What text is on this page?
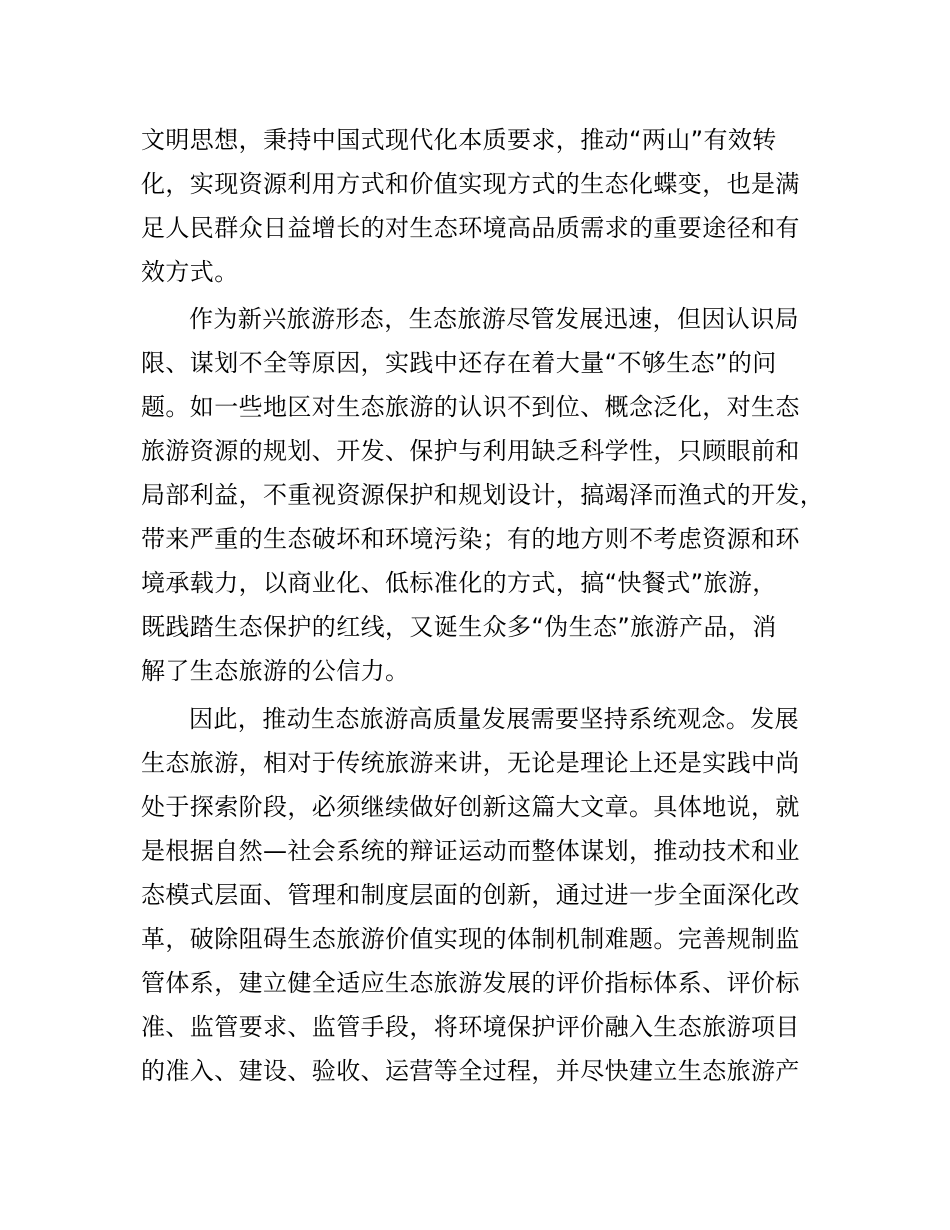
文明思想，秉持中国式现代化本质要求，推动“两山”有效转
化，实现资源利用方式和价值实现方式的生态化蝶变，也是满
足人民群众日益增长的对生态环境高品质需求的重要途径和有
效方式。
作为新兴旅游形态，生态旅游尽管发展迅速，但因认识局
限、谋划不全等原因，实践中还存在着大量“不够生态”的问
题。如一些地区对生态旅游的认识不到位、概念泛化，对生态
旅游资源的规划、开发、保护与利用缺乏科学性，只顾眼前和
局部利益，不重视资源保护和规划设计，搞竭泽而渔式的开发，
带来严重的生态破坏和环境污染；有的地方则不考虑资源和环
境承载力，以商业化、低标准化的方式，搞“快餐式”旅游，
既践踏生态保护的红线，又诞生众多“伪生态”旅游产品，消
解了生态旅游的公信力。
因此，推动生态旅游高质量发展需要坚持系统观念。发展
生态旅游，相对于传统旅游来讲，无论是理论上还是实践中尚
处于探索阶段，必须继续做好创新这篇大文章。具体地说，就
是根据自然—社会系统的辩证运动而整体谋划，推动技术和业
态模式层面、管理和制度层面的创新，通过进一步全面深化改
革，破除阻碍生态旅游价值实现的体制机制难题。完善规制监
管体系，建立健全适应生态旅游发展的评价指标体系、评价标
准、监管要求、监管手段，将环境保护评价融入生态旅游项目
的准入、建设、验收、运营等全过程，并尽快建立生态旅游产
